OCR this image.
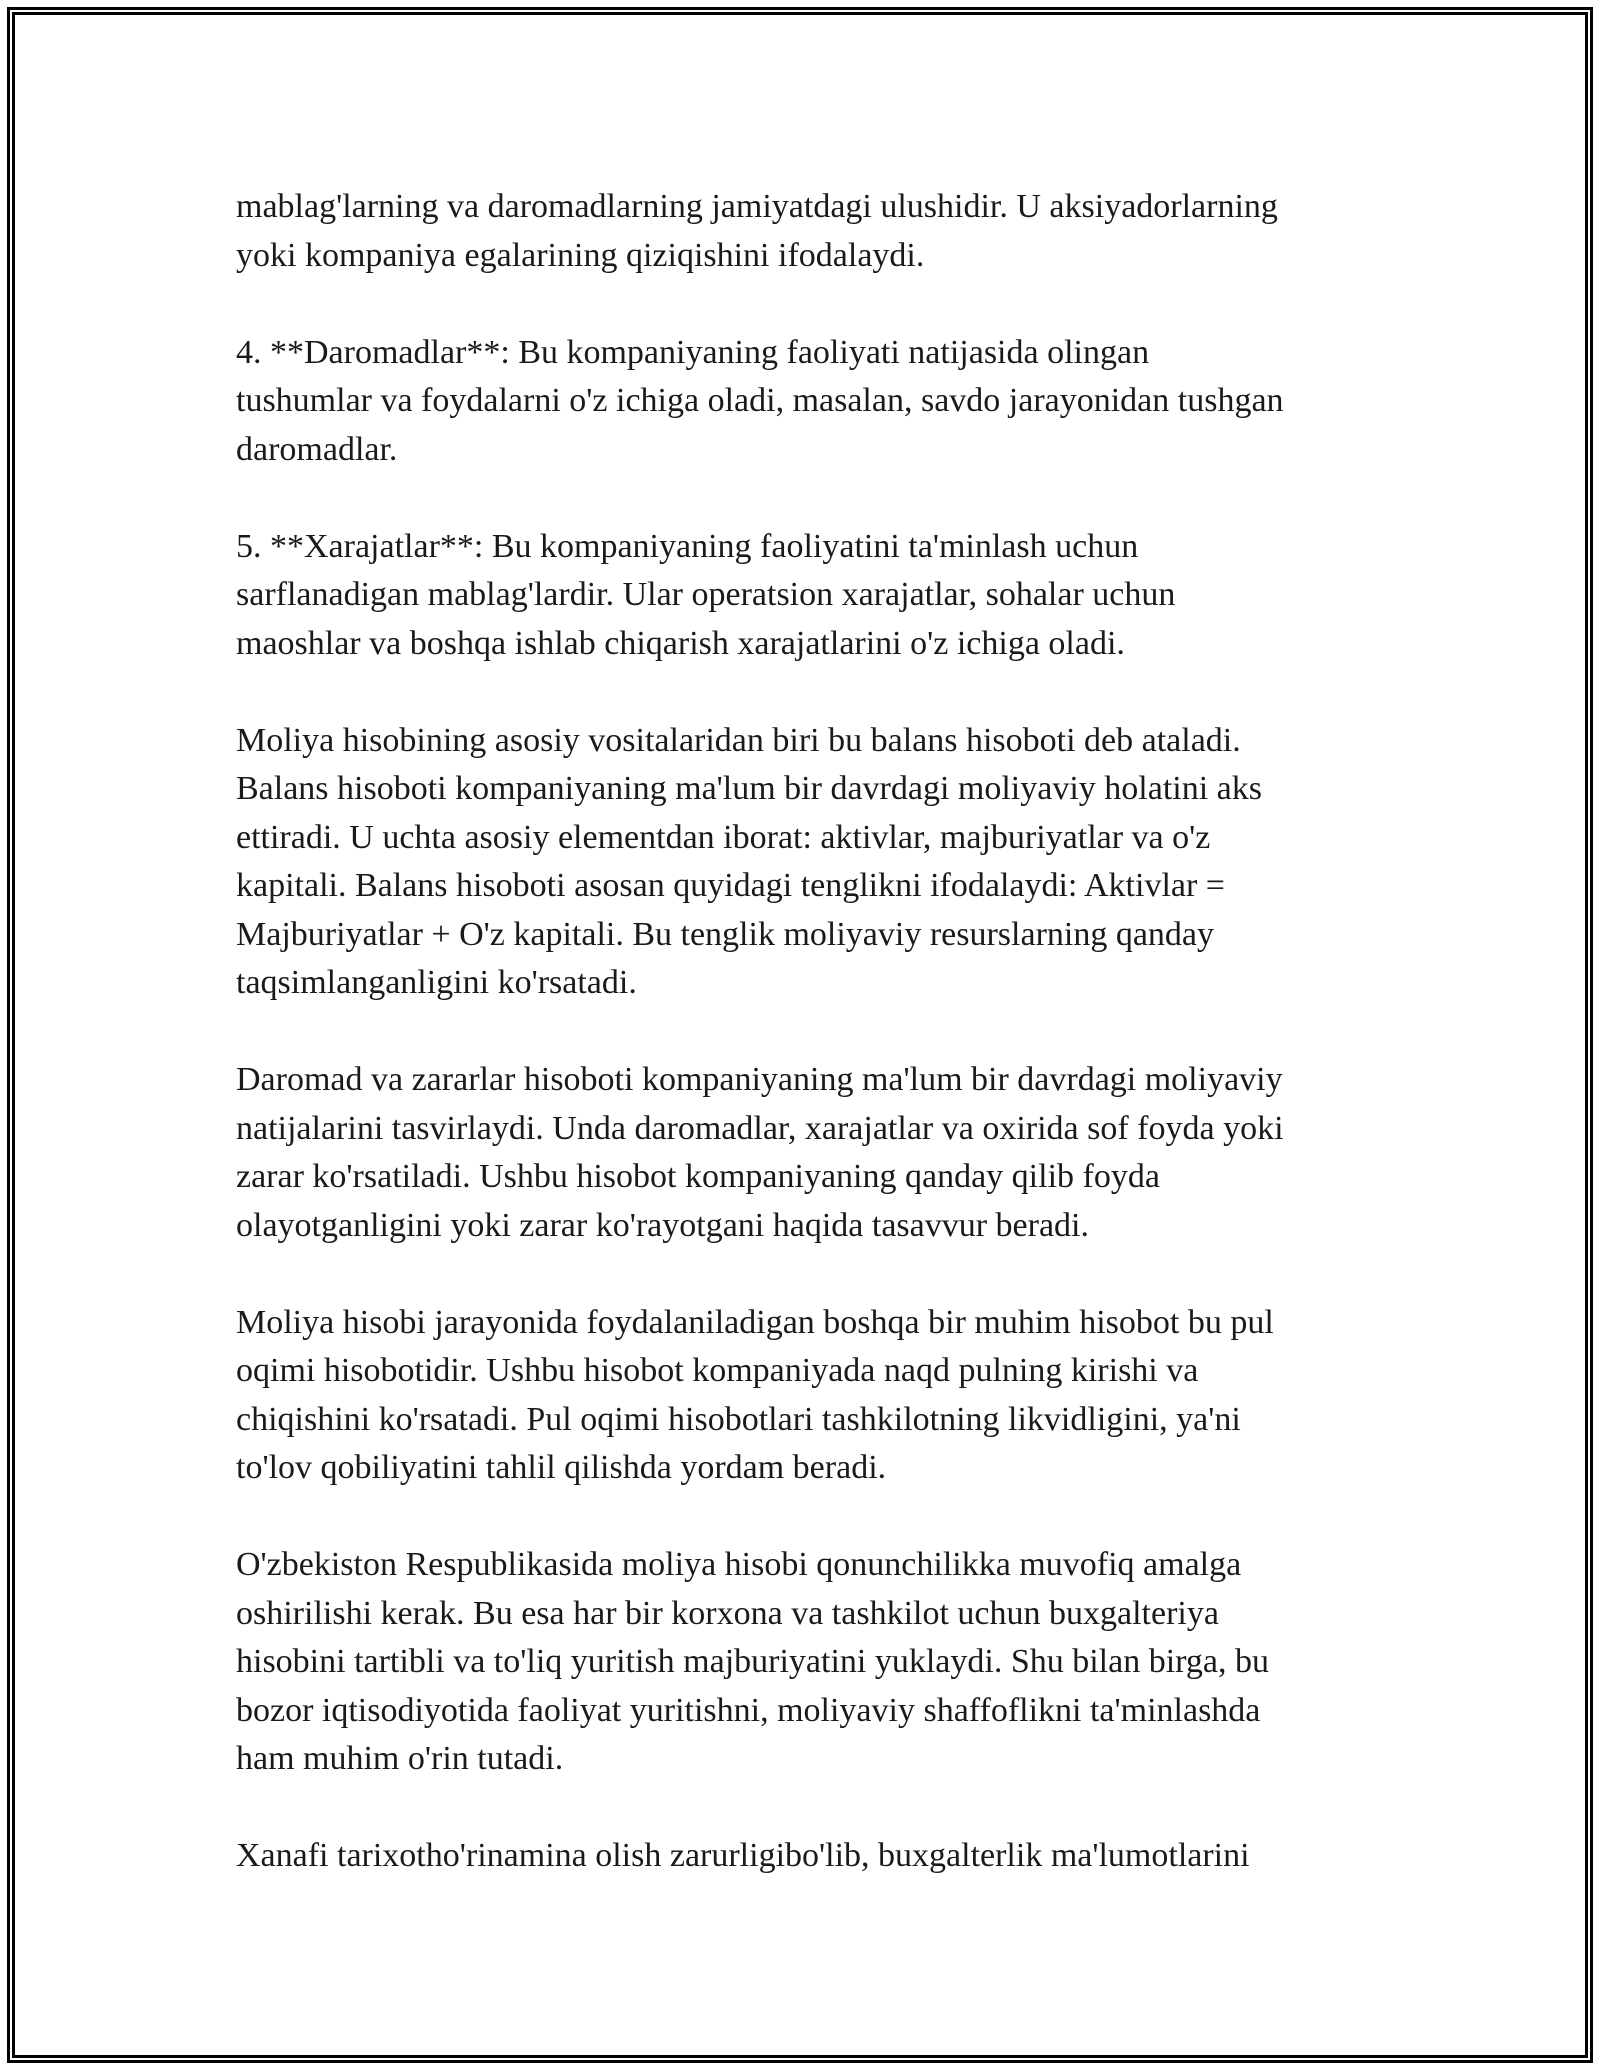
mablag'larning va daromadlarning jamiyatdagi ulushidir. U aksiyadorlarning
yoki kompaniya egalarining qiziqishini ifodalaydi.

4. **Daromadlar**: Bu kompaniyaning faoliyati natijasida olingan
tushumlar va foydalarni o'z ichiga oladi, masalan, savdo jarayonidan tushgan
daromadlar.

5. **Xarajatlar**: Bu kompaniyaning faoliyatini ta'minlash uchun
sarflanadigan mablag'lardir. Ular operatsion xarajatlar, sohalar uchun
maoshlar va boshqa ishlab chiqarish xarajatlarini o'z ichiga oladi.

Moliya hisobining asosiy vositalaridan biri bu balans hisoboti deb ataladi.
Balans hisoboti kompaniyaning ma'lum bir davrdagi moliyaviy holatini aks
ettiradi. U uchta asosiy elementdan iborat: aktivlar, majburiyatlar va o'z
kapitali. Balans hisoboti asosan quyidagi tenglikni ifodalaydi: Aktivlar =
Majburiyatlar + O'z kapitali. Bu tenglik moliyaviy resurslarning qanday
taqsimlanganligini ko'rsatadi.

Daromad va zararlar hisoboti kompaniyaning ma'lum bir davrdagi moliyaviy
natijalarini tasvirlaydi. Unda daromadlar, xarajatlar va oxirida sof foyda yoki
zarar ko'rsatiladi. Ushbu hisobot kompaniyaning qanday qilib foyda
olayotganligini yoki zarar ko'rayotgani haqida tasavvur beradi.

Moliya hisobi jarayonida foydalaniladigan boshqa bir muhim hisobot bu pul
oqimi hisobotidir. Ushbu hisobot kompaniyada naqd pulning kirishi va
chiqishini ko'rsatadi. Pul oqimi hisobotlari tashkilotning likvidligini, ya'ni
to'lov qobiliyatini tahlil qilishda yordam beradi.

O'zbekiston Respublikasida moliya hisobi qonunchilikka muvofiq amalga
oshirilishi kerak. Bu esa har bir korxona va tashkilot uchun buxgalteriya
hisobini tartibli va to'liq yuritish majburiyatini yuklaydi. Shu bilan birga, bu
bozor iqtisodiyotida faoliyat yuritishni, moliyaviy shaffoflikni ta'minlashda
ham muhim o'rin tutadi.

Xanafi tarixotho'rinamina olish zarurligibo'lib, buxgalterlik ma'lumotlarini
